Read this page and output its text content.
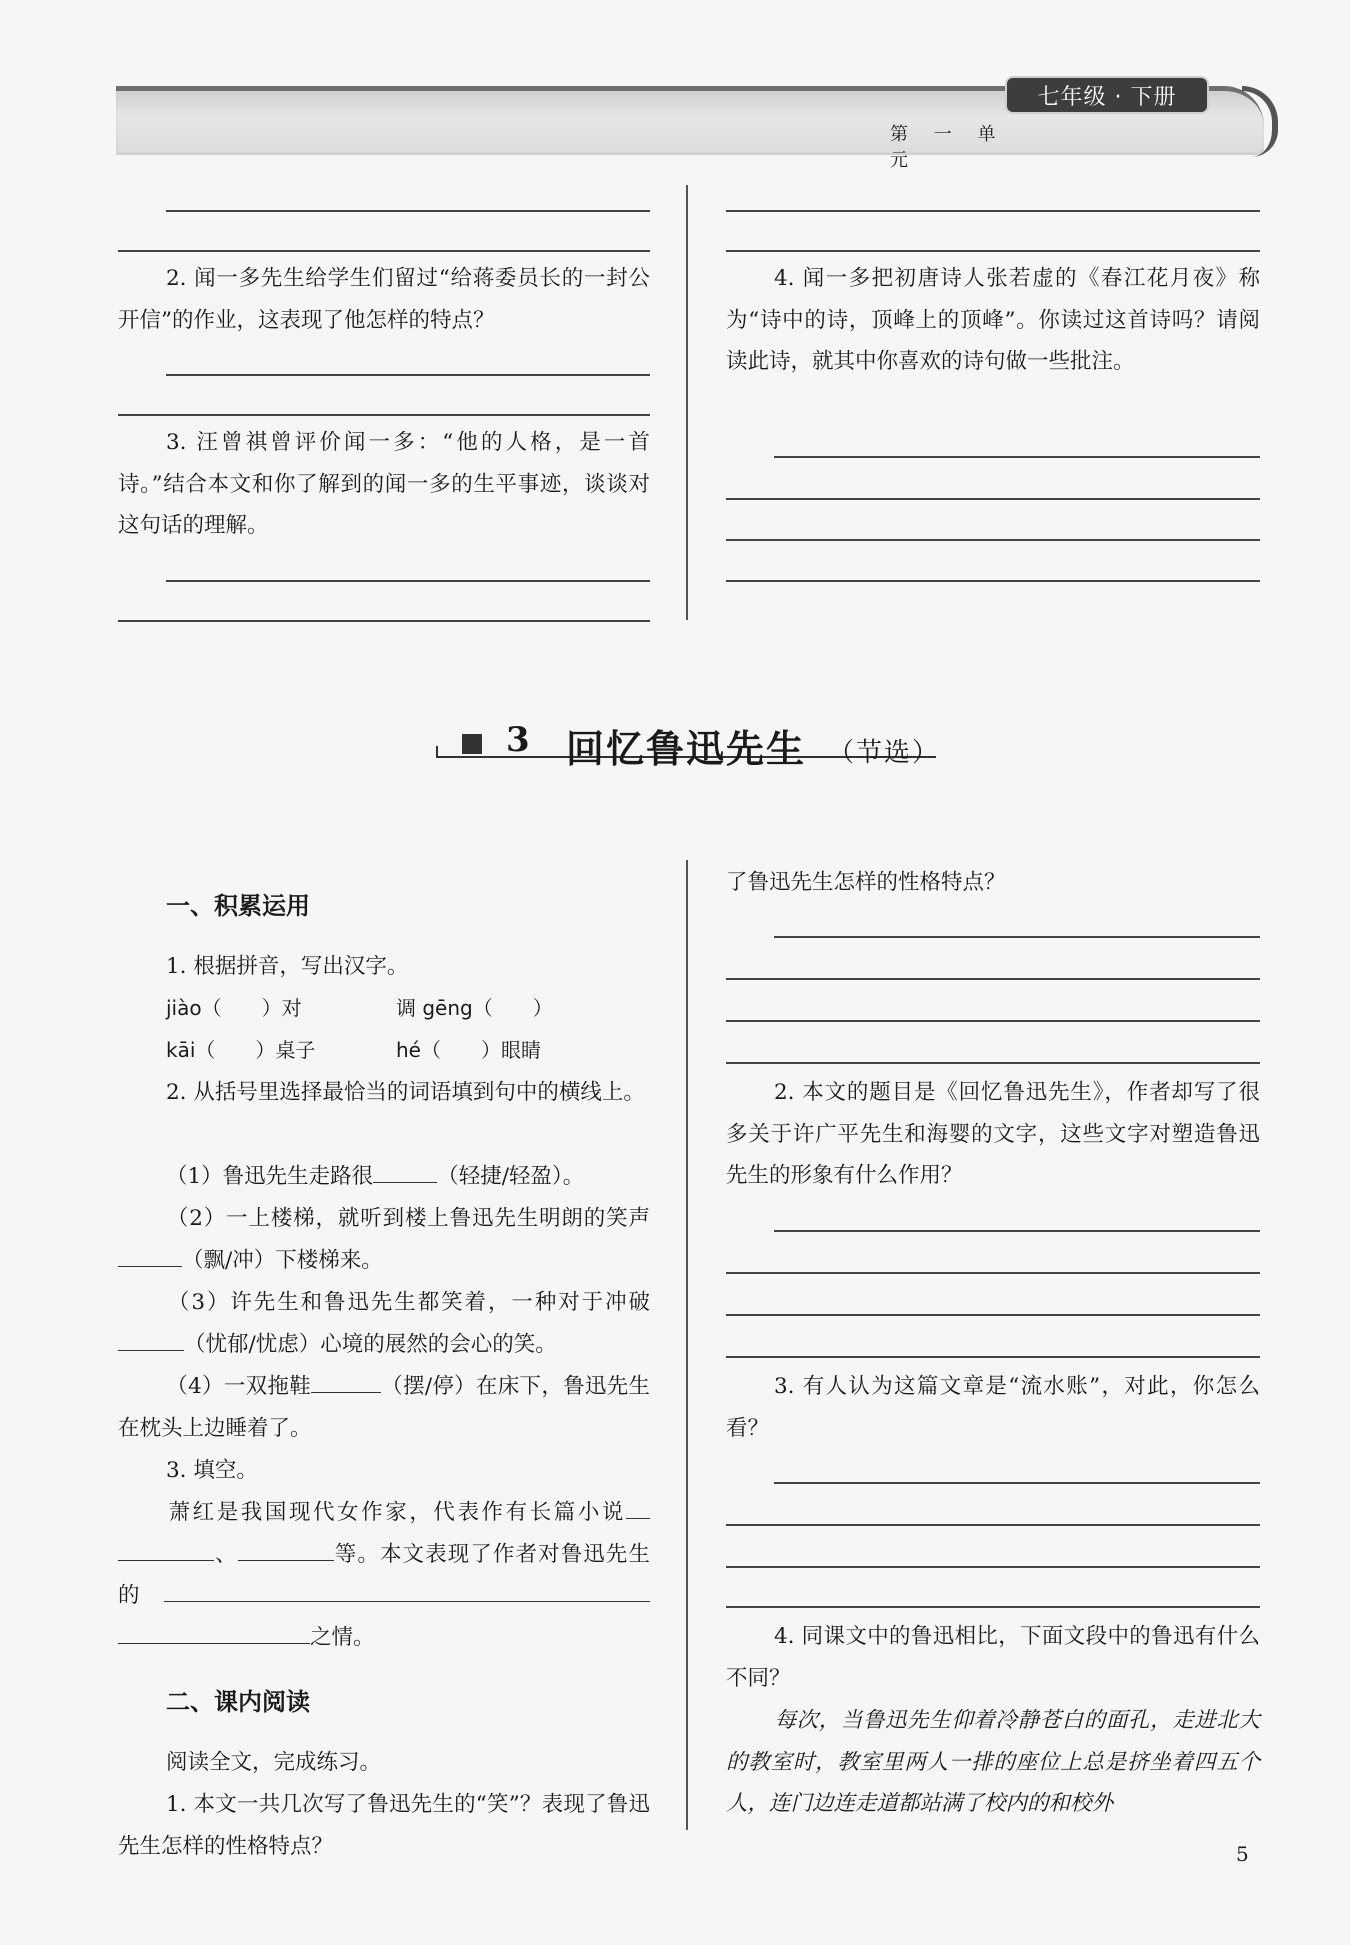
七年级 · 下册
第 一 单 元
2. 闻一多先生给学生们留过“给蒋委员长的一封公开信”的作业，这表现了他怎样的特点？
3. 汪曾祺曾评价闻一多：“他的人格，是一首诗。”结合本文和你了解到的闻一多的生平事迹，谈谈对这句话的理解。
4. 闻一多把初唐诗人张若虚的《春江花月夜》称为“诗中的诗，顶峰上的顶峰”。你读过这首诗吗？请阅读此诗，就其中你喜欢的诗句做一些批注。
3 回忆鲁迅先生 （节选）
一、积累运用
1. 根据拼音，写出汉字。
jiào（　　）对	调 gēng（　　）
kāi（　　）桌子	hé（　　）眼睛
2. 从括号里选择最恰当的词语填到句中的横线上。
（1）鲁迅先生走路很	（轻捷/轻盈）。
（2）一上楼梯，就听到楼上鲁迅先生明朗的笑声（飘/冲）下楼梯来。
（3）许先生和鲁迅先生都笑着，一种对于冲破（忧郁/忧虑）心境的展然的会心的笑。
（4）一双拖鞋	（摆/停）在床下，鲁迅先生在枕头上边睡着了。
3. 填空。
萧红是我国现代女作家，代表作有长篇小说、	等。本文表现了作者对鲁迅先生的之情。
二、课内阅读
阅读全文，完成练习。
1. 本文一共几次写了鲁迅先生的“笑”？表现了鲁迅先生怎样的性格特点？
了鲁迅先生怎样的性格特点？
2. 本文的题目是《回忆鲁迅先生》，作者却写了很多关于许广平先生和海婴的文字，这些文字对塑造鲁迅先生的形象有什么作用？
3. 有人认为这篇文章是“流水账”，对此，你怎么看？
4. 同课文中的鲁迅相比，下面文段中的鲁迅有什么不同？
每次，当鲁迅先生仰着冷静苍白的面孔，走进北大的教室时，教室里两人一排的座位上总是挤坐着四五个人，连门边连走道都站满了校内的和校外
5
